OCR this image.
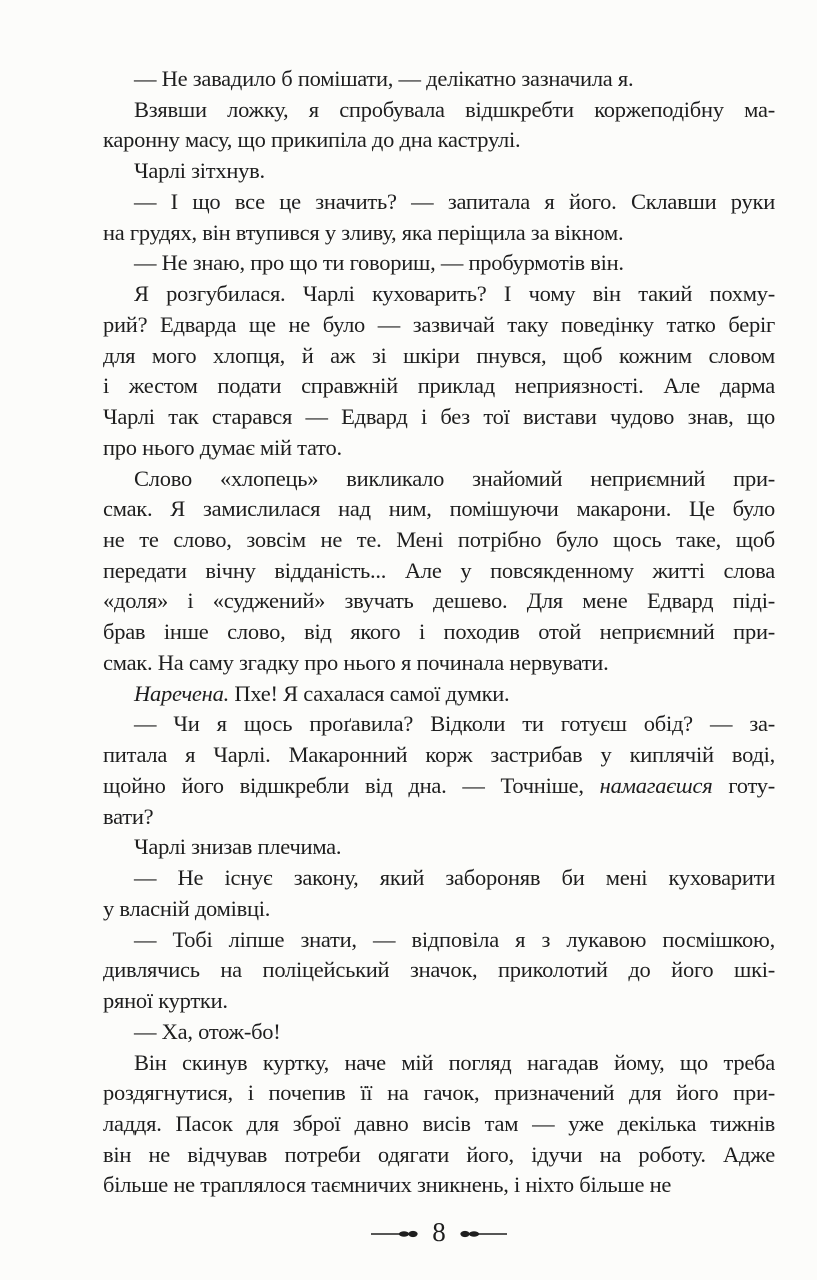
— Не завадило б помішати, — делікатно зазначила я.
Взявши ложку, я спробувала відшкребти коржеподібну ма-
каронну масу, що прикипіла до дна каструлі.
Чарлі зітхнув.
— І що все це значить? — запитала я його. Склавши руки
на грудях, він втупився у зливу, яка періщила за вікном.
— Не знаю, про що ти говориш, — пробурмотів він.
Я розгубилася. Чарлі куховарить? І чому він такий похму-
рий? Едварда ще не було — зазвичай таку поведінку татко беріг
для мого хлопця, й аж зі шкіри пнувся, щоб кожним словом
і жестом подати справжній приклад неприязності. Але дарма
Чарлі так старався — Едвард і без тої вистави чудово знав, що
про нього думає мій тато.
Слово «хлопець» викликало знайомий неприємний при-
смак. Я замислилася над ним, помішуючи макарони. Це було
не те слово, зовсім не те. Мені потрібно було щось таке, щоб
передати вічну відданість... Але у повсякденному житті слова
«доля» і «суджений» звучать дешево. Для мене Едвард піді-
брав інше слово, від якого і походив отой неприємний при-
смак. На саму згадку про нього я починала нервувати.
Наречена. Пхе! Я сахалася самої думки.
— Чи я щось проґавила? Відколи ти готуєш обід? — за-
питала я Чарлі. Макаронний корж застрибав у киплячій воді,
щойно його відшкребли від дна. — Точніше, намагаєшся готу-
вати?
Чарлі знизав плечима.
— Не існує закону, який забороняв би мені куховарити
у власній домівці.
— Тобі ліпше знати, — відповіла я з лукавою посмішкою,
дивлячись на поліцейський значок, приколотий до його шкі-
ряної куртки.
— Ха, отож-бо!
Він скинув куртку, наче мій погляд нагадав йому, що треба
роздягнутися, і почепив її на гачок, призначений для його при-
ладдя. Пасок для зброї давно висів там — уже декілька тижнів
він не відчував потреби одягати його, ідучи на роботу. Адже
більше не траплялося таємничих зникнень, і ніхто більше не
8
